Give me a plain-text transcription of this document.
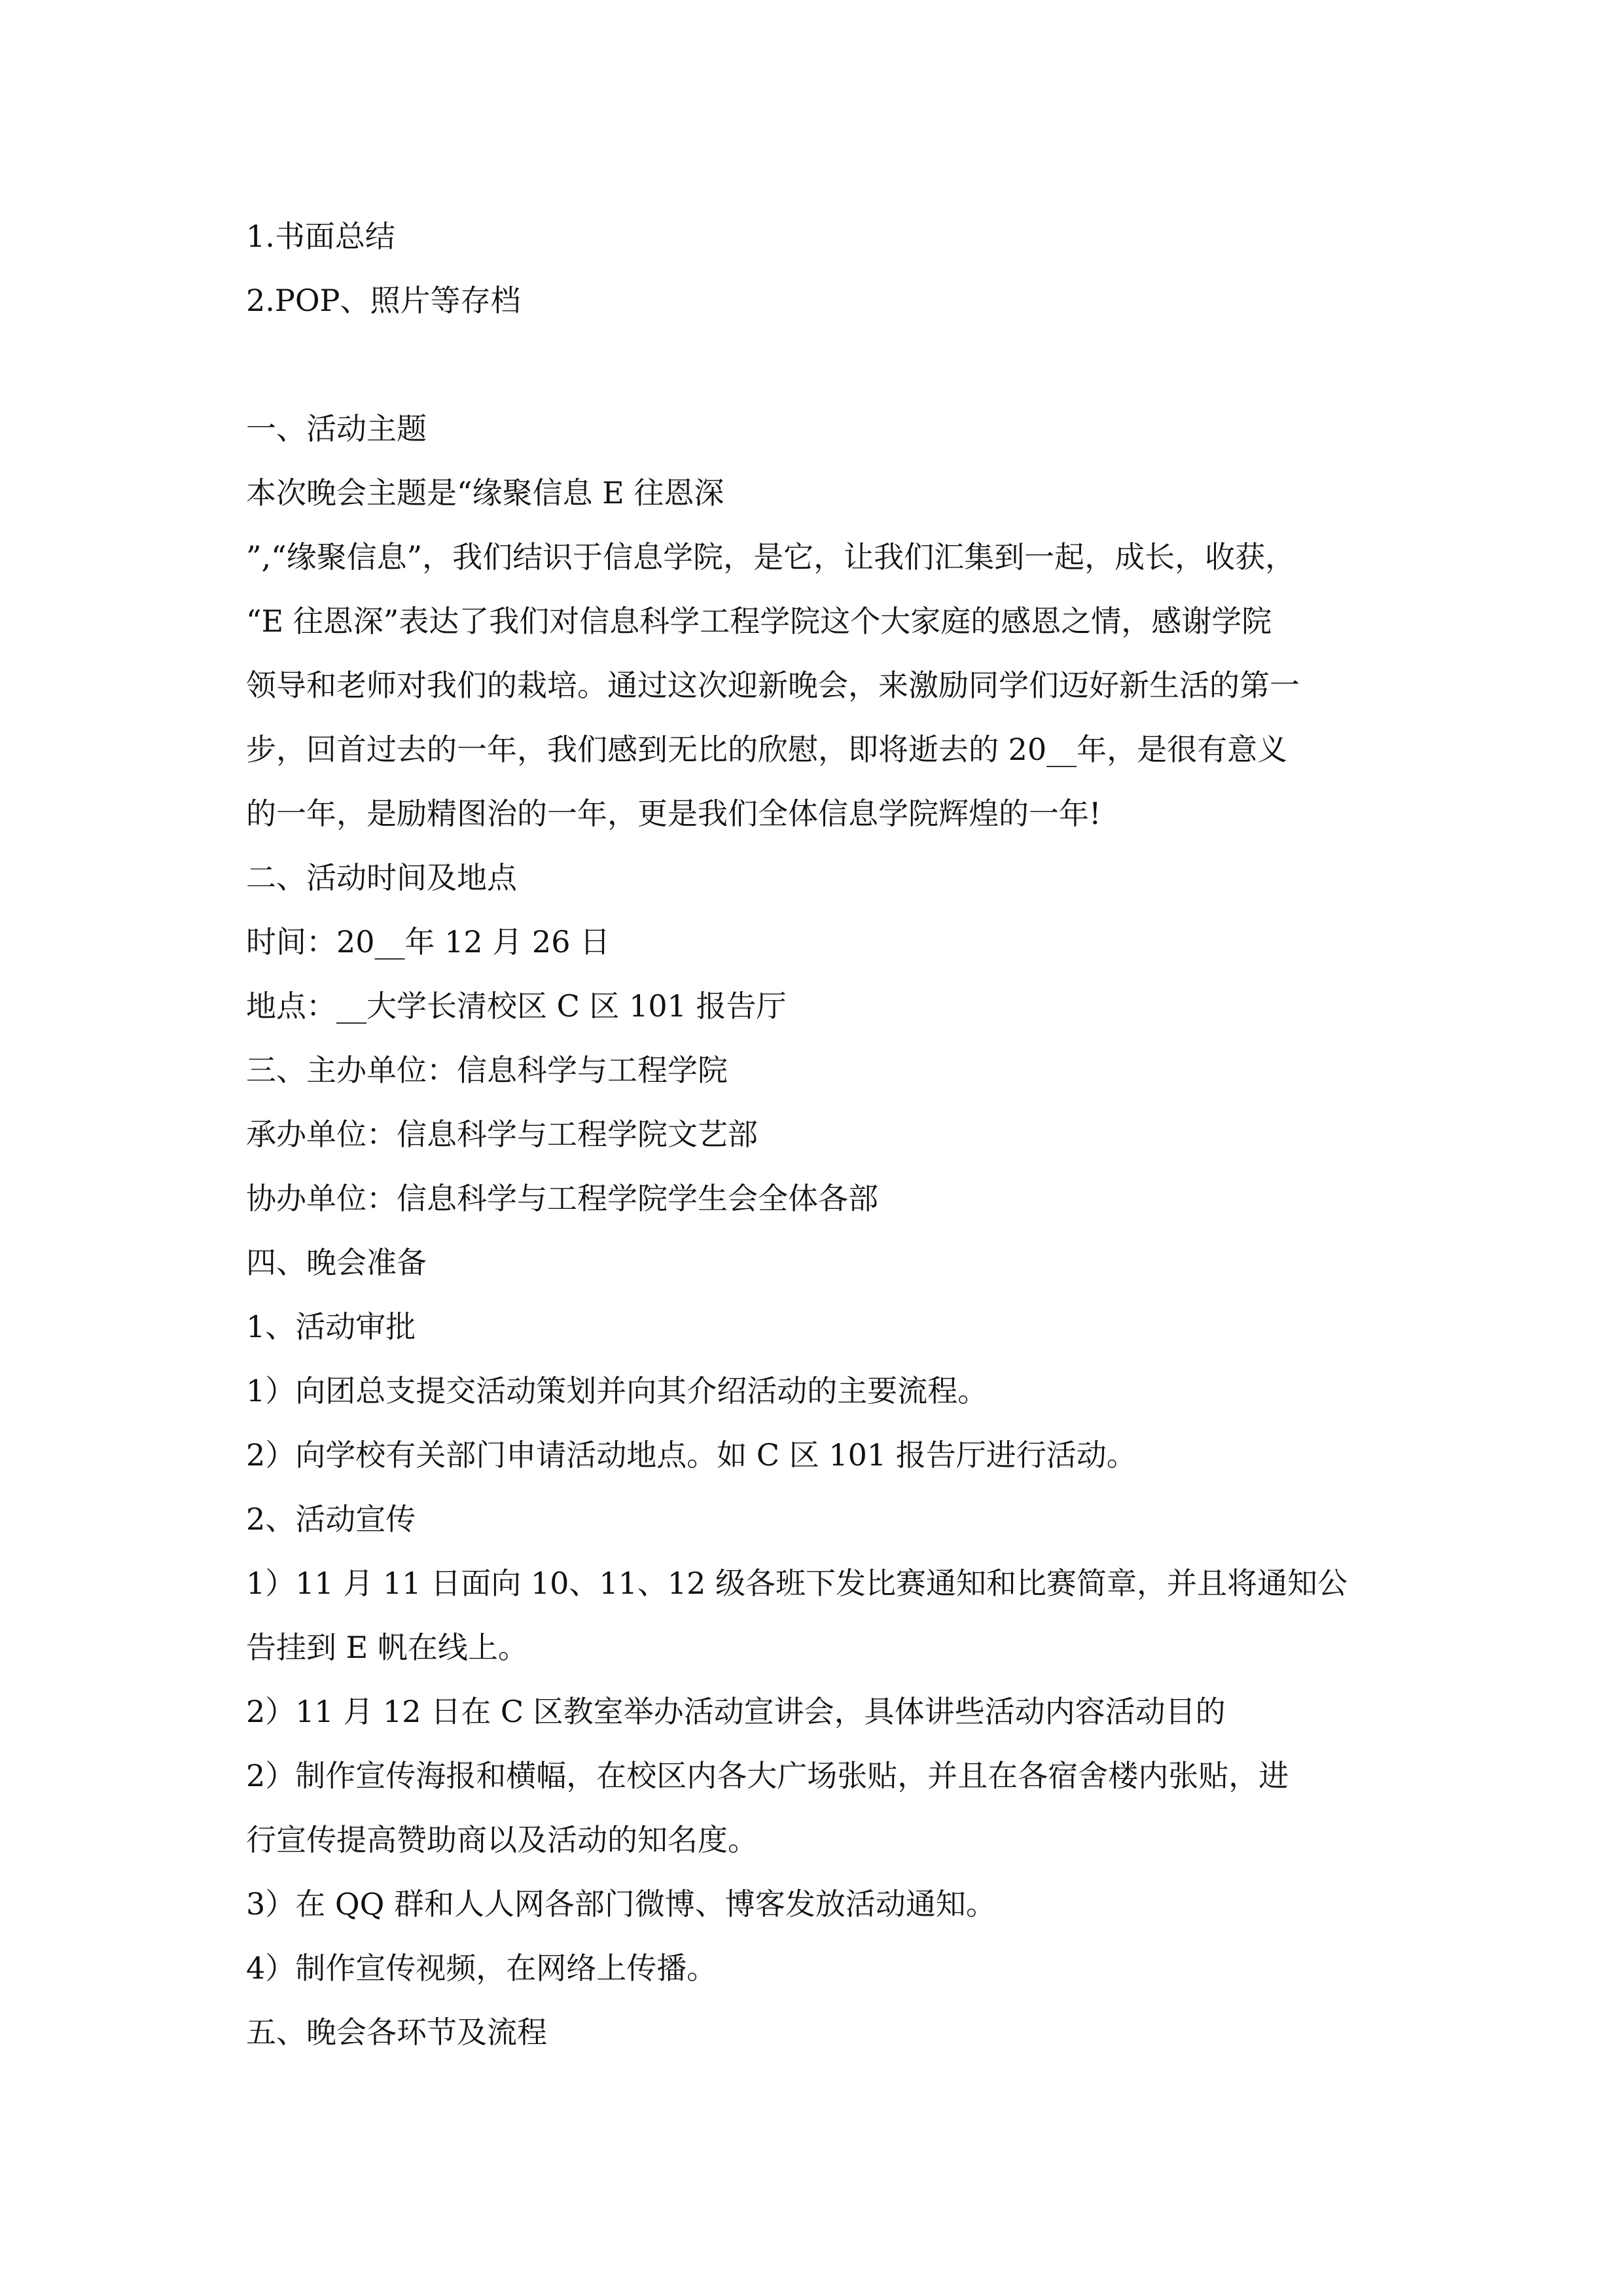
1.书面总结
2.POP、照片等存档
一、活动主题
本次晚会主题是“缘聚信息 E 往恩深
”,“缘聚信息”，我们结识于信息学院，是它，让我们汇集到一起，成长，收获，
“E 往恩深”表达了我们对信息科学工程学院这个大家庭的感恩之情，感谢学院
领导和老师对我们的栽培。通过这次迎新晚会，来激励同学们迈好新生活的第一
步，回首过去的一年，我们感到无比的欣慰，即将逝去的 20__年，是很有意义
的一年，是励精图治的一年，更是我们全体信息学院辉煌的一年!
二、活动时间及地点
时间：20__年 12 月 26 日
地点：__大学长清校区 C 区 101 报告厅
三、主办单位：信息科学与工程学院
承办单位：信息科学与工程学院文艺部
协办单位：信息科学与工程学院学生会全体各部
四、晚会准备
1、活动审批
1）向团总支提交活动策划并向其介绍活动的主要流程。
2）向学校有关部门申请活动地点。如 C 区 101 报告厅进行活动。
2、活动宣传
1）11 月 11 日面向 10、11、12 级各班下发比赛通知和比赛简章，并且将通知公
告挂到 E 帆在线上。
2）11 月 12 日在 C 区教室举办活动宣讲会，具体讲些活动内容活动目的
2）制作宣传海报和横幅，在校区内各大广场张贴，并且在各宿舍楼内张贴，进
行宣传提高赞助商以及活动的知名度。
3）在 QQ 群和人人网各部门微博、博客发放活动通知。
4）制作宣传视频，在网络上传播。
五、晚会各环节及流程
